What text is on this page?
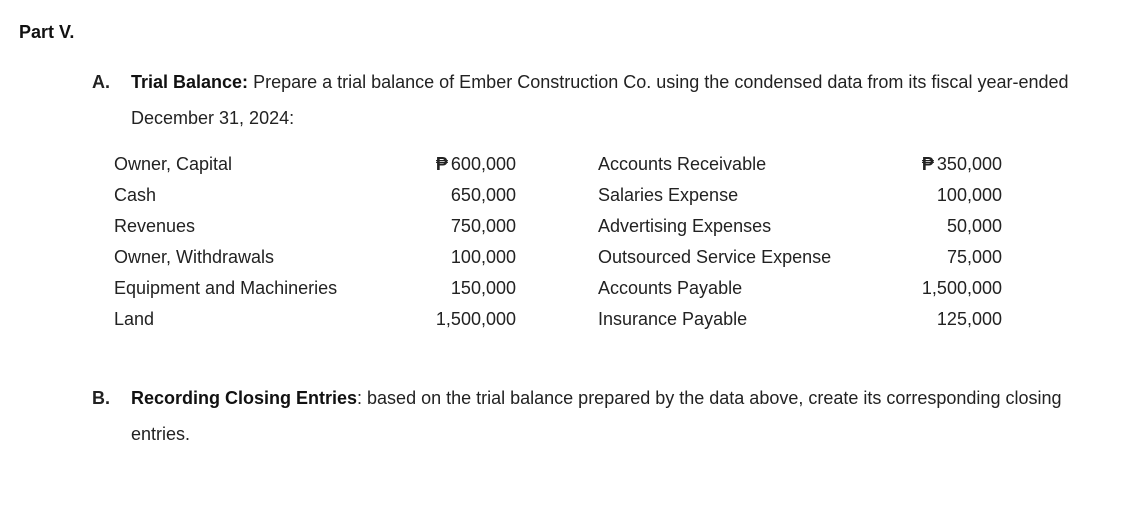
Part V.
A. Trial Balance: Prepare a trial balance of Ember Construction Co. using the condensed data from its fiscal year-ended December 31, 2024:
Owner, Capital	₱ 600,000	Accounts Receivable	₱ 350,000
Cash	650,000	Salaries Expense	100,000
Revenues	750,000	Advertising Expenses	50,000
Owner, Withdrawals	100,000	Outsourced Service Expense	75,000
Equipment and Machineries	150,000	Accounts Payable	1,500,000
Land	1,500,000	Insurance Payable	125,000
B. Recording Closing Entries: based on the trial balance prepared by the data above, create its corresponding closing entries.
